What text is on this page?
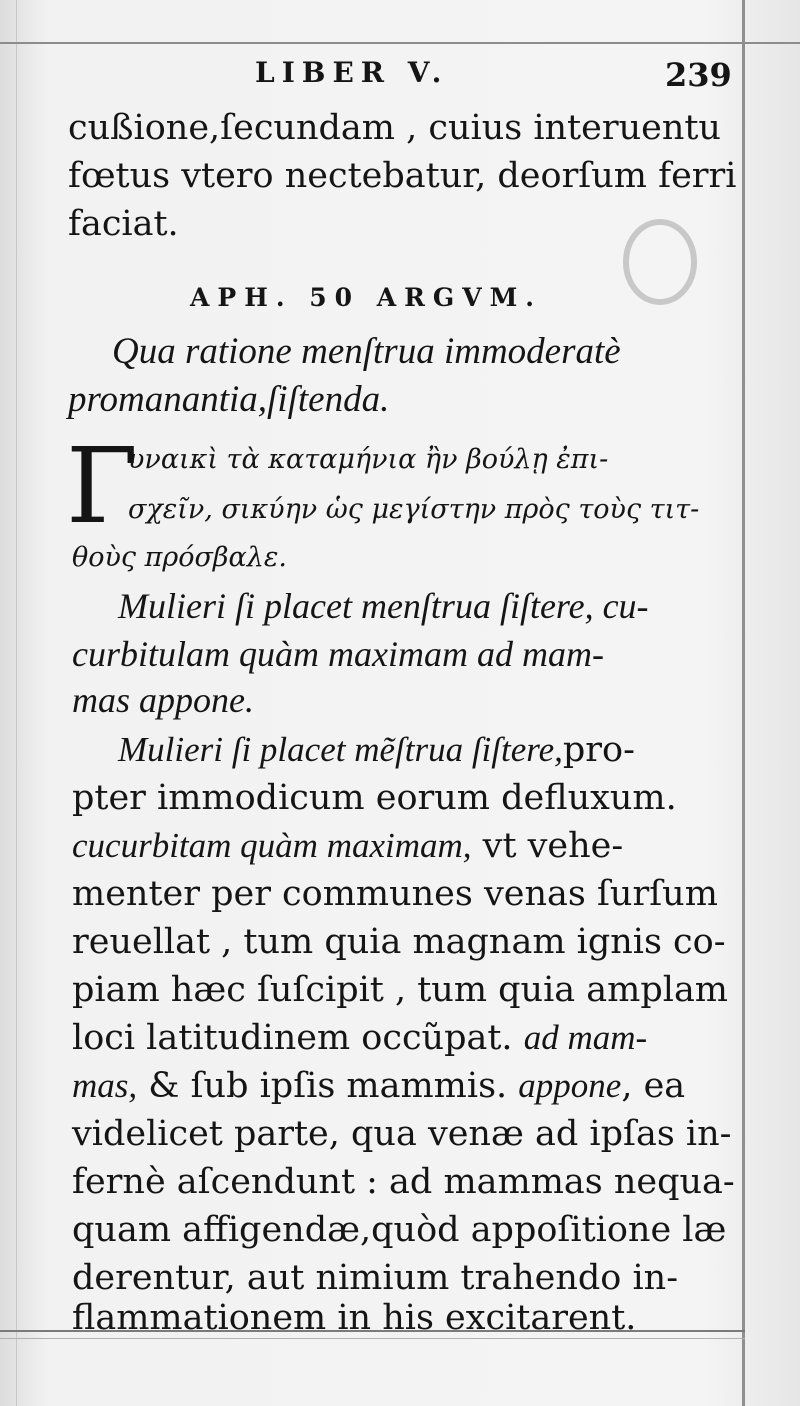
LIBER V.	239
cußione,ſecundam , cuius interuentu
fœtus vtero nectebatur, deorſum ferri
faciat.
APH. 50 ARGVM.
Qua ratione menſtrua immoderatè
promanantia,ſiſtenda.
Γ
υναικὶ τὰ καταμήνια ἢν βούλῃ ἐπι-
σχεῖν, σικύην ὡς μεγίστην πρὸς τοὺς τιτ-
θοὺς πρόσβαλε.
Mulieri ſi placet menſtrua ſiſtere, cu-
curbitulam quàm maximam ad mam-
mas appone.
Mulieri ſi placet mẽſtrua ſiſtere,pro-
pter immodicum eorum defluxum.
cucurbitam quàm maximam, vt vehe-
menter per communes venas ſurſum
reuellat , tum quia magnam ignis co-
piam hæc ſuſcipit , tum quia amplam
loci latitudinem occũpat. ad mam-
mas, & ſub ipſis mammis. appone, ea
videlicet parte, qua venæ ad ipſas in-
fernè aſcendunt : ad mammas nequa-
quam affigendæ,quòd appoſitione læ
derentur, aut nimium trahendo in-
flammationem in his excitarent.
